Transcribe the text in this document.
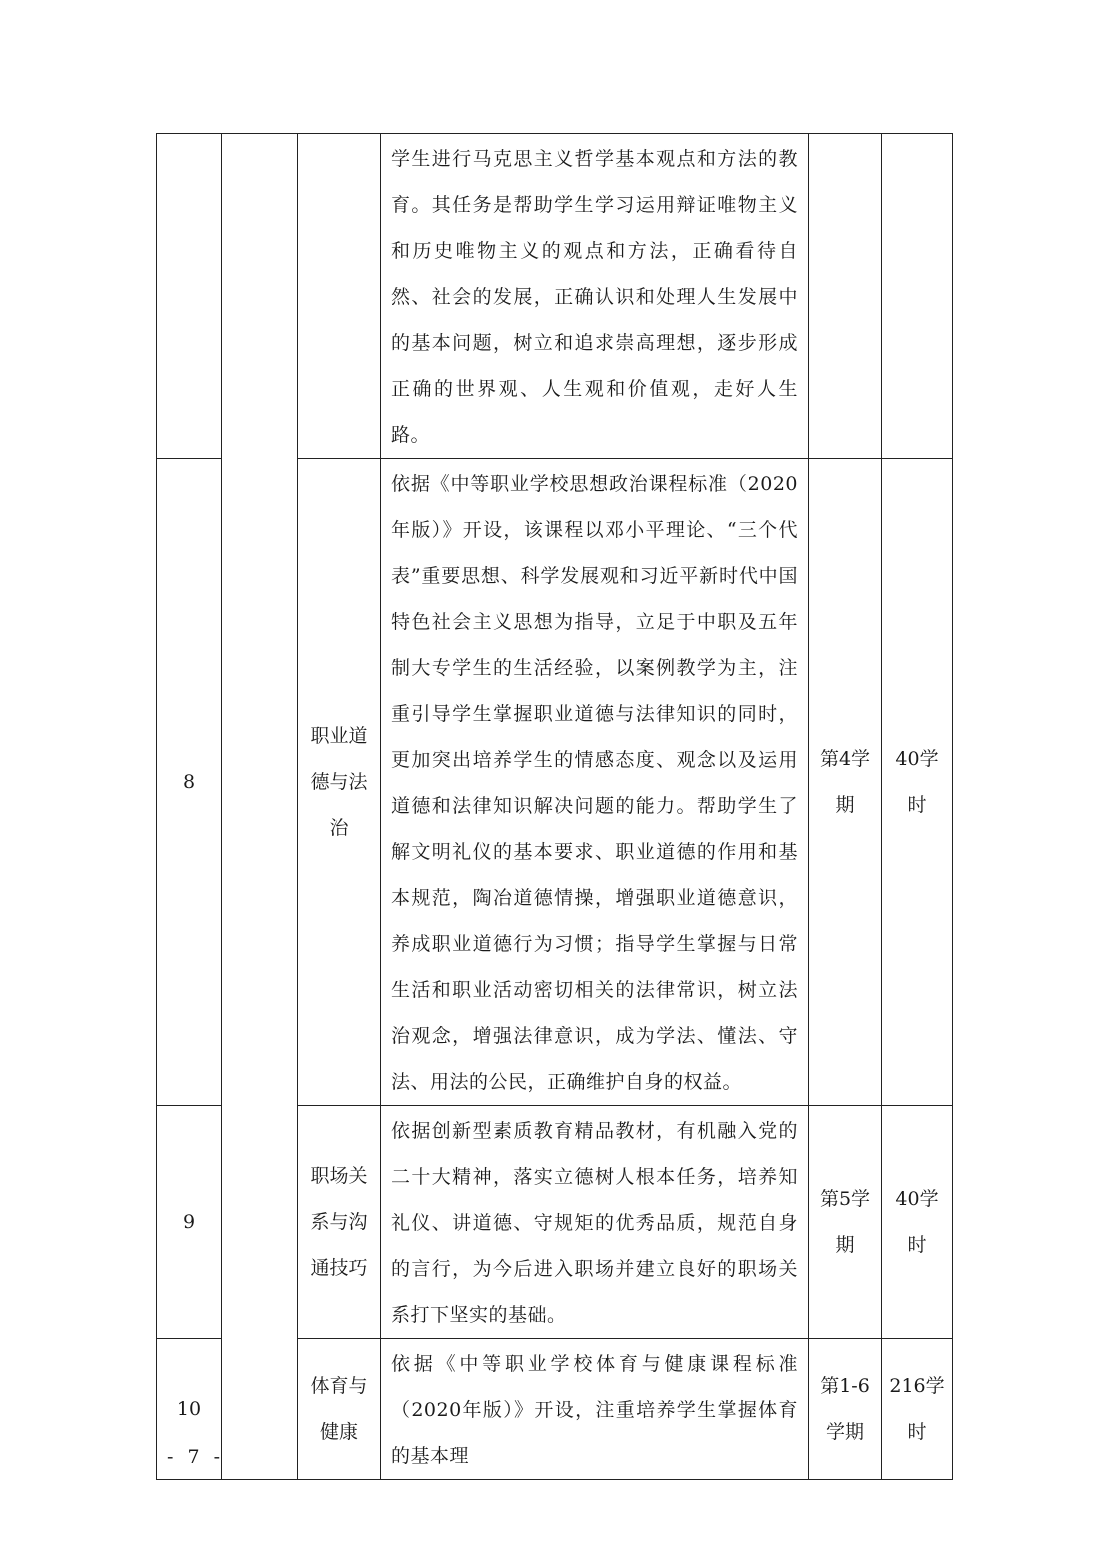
			学生进行马克思主义哲学基本观点和方法的教育。其任务是帮助学生学习运用辩证唯物主义和历史唯物主义的观点和方法，正确看待自然、社会的发展，正确认识和处理人生发展中的基本问题，树立和追求崇高理想，逐步形成正确的世界观、人生观和价值观，走好人生路。		

8		职业道德与法治	依据《中等职业学校思想政治课程标准（2020年版）》开设，该课程以邓小平理论、“三个代表”重要思想、科学发展观和习近平新时代中国特色社会主义思想为指导，立足于中职及五年制大专学生的生活经验，以案例教学为主，注重引导学生掌握职业道德与法律知识的同时，更加突出培养学生的情感态度、观念以及运用道德和法律知识解决问题的能力。帮助学生了解文明礼仪的基本要求、职业道德的作用和基本规范，陶冶道德情操，增强职业道德意识，养成职业道德行为习惯；指导学生掌握与日常生活和职业活动密切相关的法律常识，树立法治观念，增强法律意识，成为学法、懂法、守法、用法的公民，正确维护自身的权益。	第4学期	40学时
9		职场关系与沟通技巧	依据创新型素质教育精品教材，有机融入党的二十大精神，落实立德树人根本任务，培养知礼仪、讲道德、守规矩的优秀品质，规范自身的言行，为今后进入职场并建立良好的职场关系打下坚实的基础。	第5学期	40学时
10		体育与健康	依据《中等职业学校体育与健康课程标准（2020年版）》开设，注重培养学生掌握体育的基本理	第1-6学期	216学时
- 7 -
